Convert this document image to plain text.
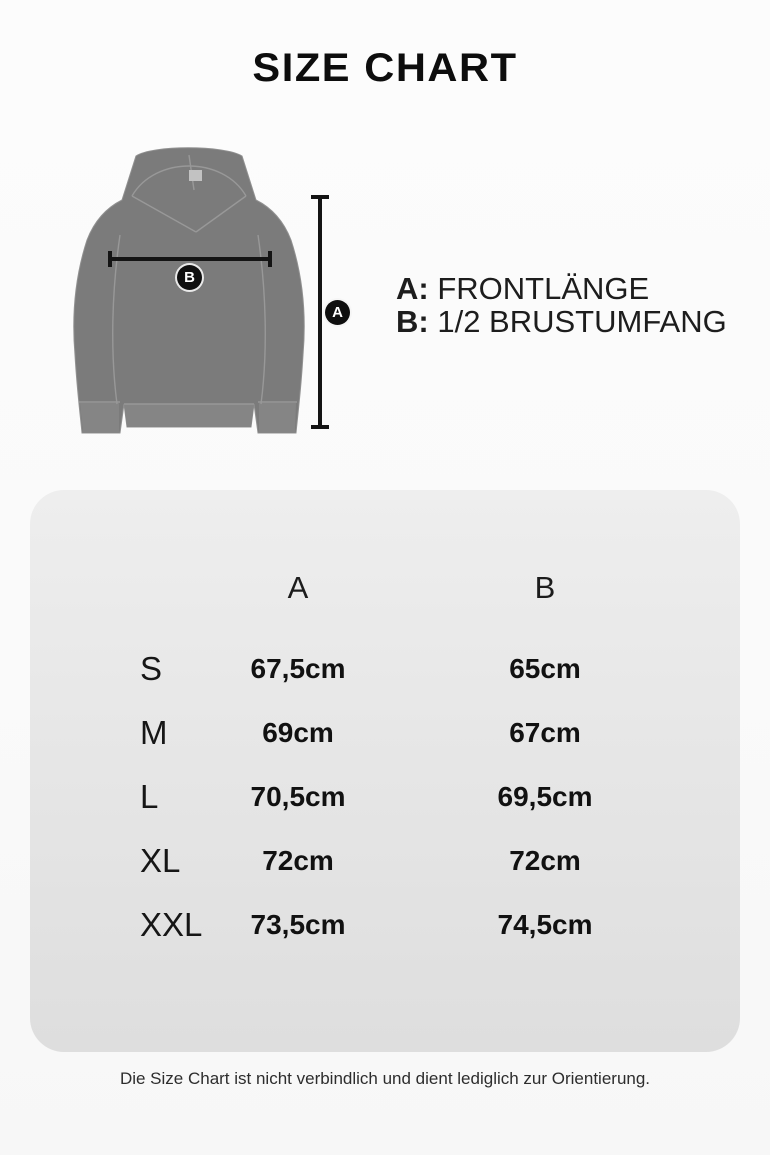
SIZE CHART
B
A
A: FRONTLÄNGE
B: 1/2 BRUSTUMFANG
A	B
S	67,5cm	65cm
M	69cm	67cm
L	70,5cm	69,5cm
XL	72cm	72cm
XXL	73,5cm	74,5cm
Die Size Chart ist nicht verbindlich und dient lediglich zur Orientierung.
